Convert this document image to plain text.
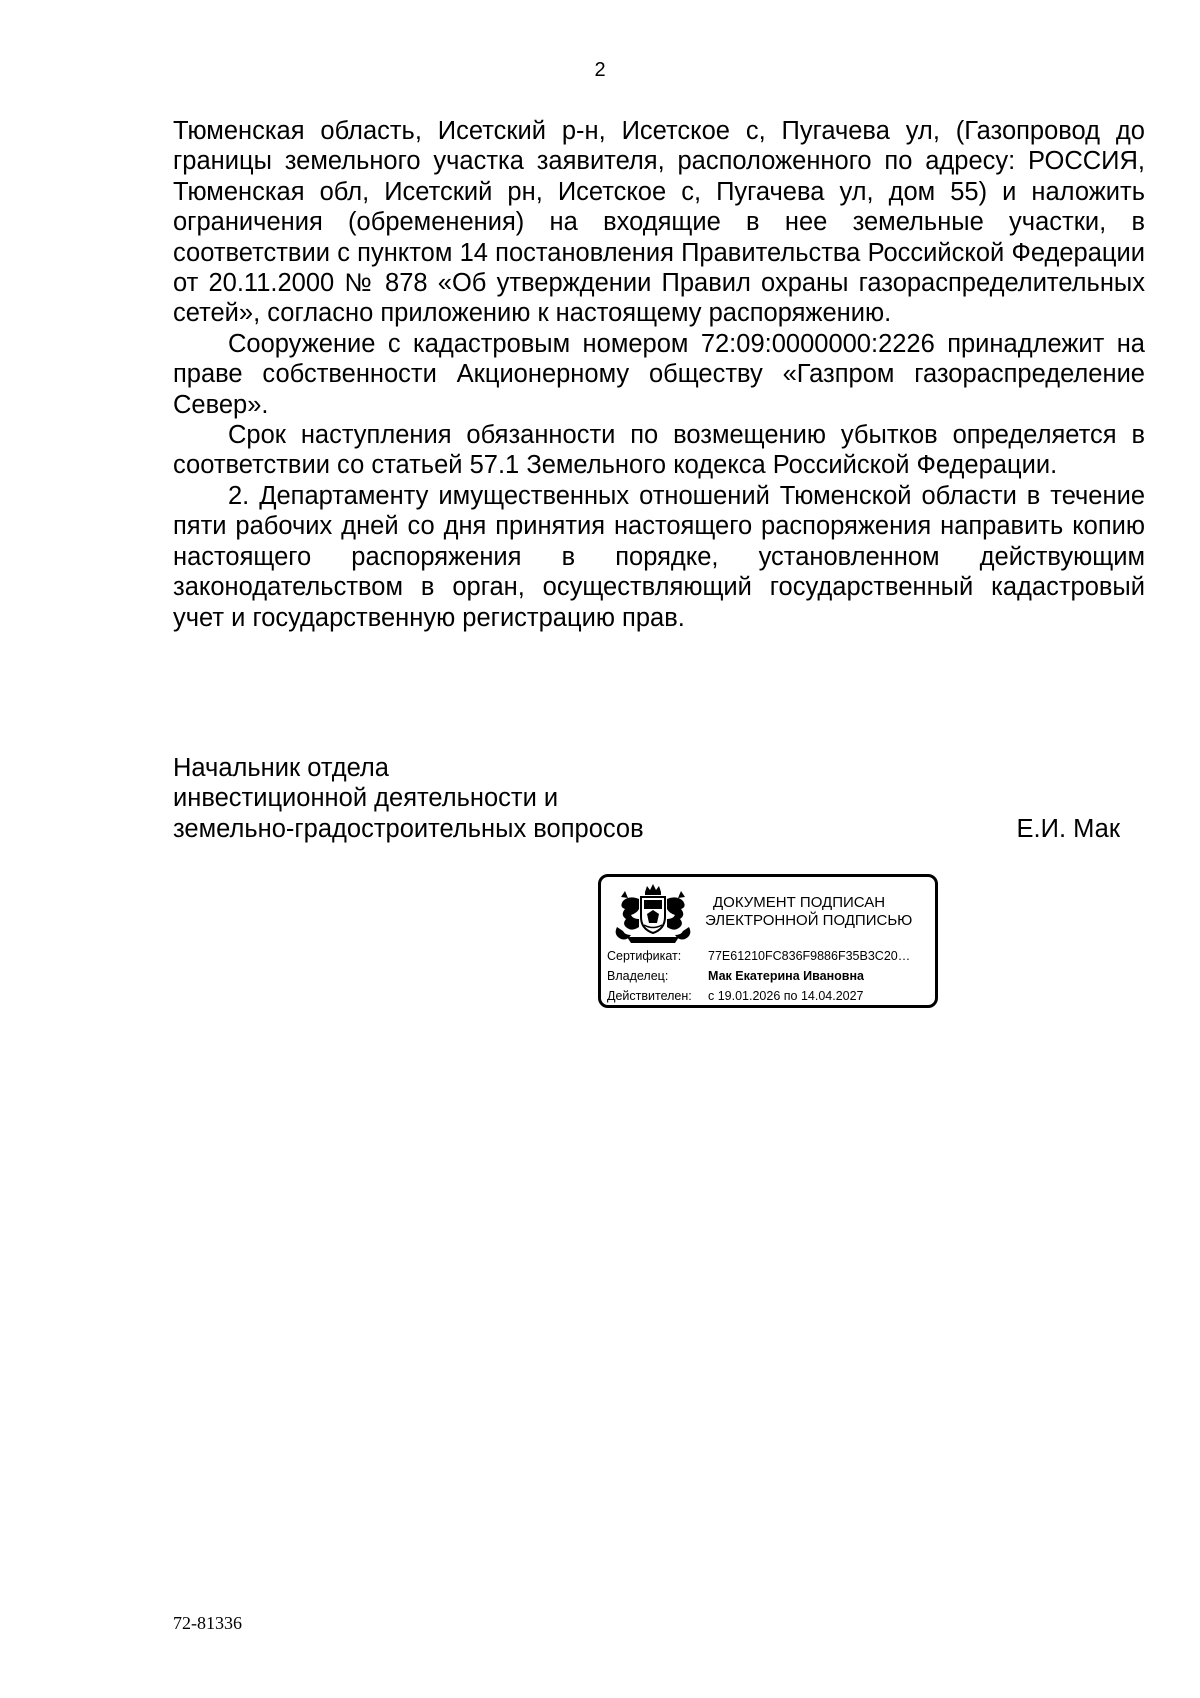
2

Тюменская область, Исетский р-н, Исетское с, Пугачева ул, (Газопровод до границы земельного участка заявителя, расположенного по адресу: РОССИЯ, Тюменская обл, Исетский рн, Исетское с, Пугачева ул, дом 55) и наложить ограничения (обременения) на входящие в нее земельные участки, в соответствии с пунктом 14 постановления Правительства Российской Федерации от 20.11.2000 № 878 «Об утверждении Правил охраны газораспределительных сетей», согласно приложению к настоящему распоряжению.

Сооружение с кадастровым номером 72:09:0000000:2226 принадлежит на праве собственности Акционерному обществу «Газпром газораспределение Север».

Срок наступления обязанности по возмещению убытков определяется в соответствии со статьей 57.1 Земельного кодекса Российской Федерации.

2. Департаменту имущественных отношений Тюменской области в течение пяти рабочих дней со дня принятия настоящего распоряжения направить копию настоящего распоряжения в порядке, установленном действующим законодательством в орган, осуществляющий государственный кадастровый учет и государственную регистрацию прав.

Начальник отдела
инвестиционной деятельности и
земельно-градостроительных вопросов	Е.И. Мак
ДОКУМЕНТ ПОДПИСАН
ЭЛЕКТРОННОЙ ПОДПИСЬЮ
Сертификат:	77E61210FC836F9886F35B3C20…
Владелец:	Мак Екатерина Ивановна
Действителен:	с 19.01.2026 по 14.04.2027
72-81336
